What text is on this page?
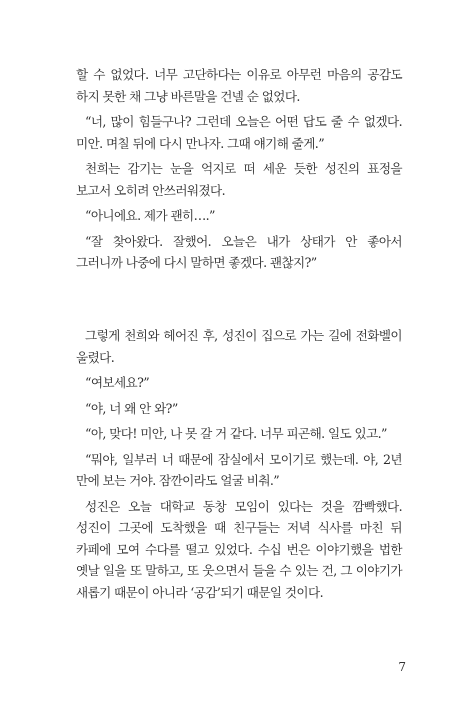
할 수 없었다. 너무 고단하다는 이유로 아무런 마음의 공감도 하지 못한 채 그냥 바른말을 건넬 순 없었다.

“너, 많이 힘들구나? 그런데 오늘은 어떤 답도 줄 수 없겠다. 미안. 며칠 뒤에 다시 만나자. 그때 얘기해 줄게.”

천희는 감기는 눈을 억지로 떠 세운 듯한 성진의 표정을 보고서 오히려 안쓰러워졌다.

“아니에요. 제가 괜히….”

“잘 찾아왔다. 잘했어. 오늘은 내가 상태가 안 좋아서 그러니까 나중에 다시 말하면 좋겠다. 괜찮지?”

그렇게 천희와 헤어진 후, 성진이 집으로 가는 길에 전화벨이 울렸다.

“여보세요?”

“야, 너 왜 안 와?”

“아, 맞다! 미안, 나 못 갈 거 같다. 너무 피곤해. 일도 있고.”

“뭐야, 일부러 너 때문에 잠실에서 모이기로 했는데. 야, 2년 만에 보는 거야. 잠깐이라도 얼굴 비춰.”

성진은 오늘 대학교 동창 모임이 있다는 것을 깜빡했다. 성진이 그곳에 도착했을 때 친구들는 저녁 식사를 마친 뒤 카페에 모여 수다를 떨고 있었다. 수십 번은 이야기했을 법한 옛날 일을 또 말하고, 또 웃으면서 들을 수 있는 건, 그 이야기가 새롭기 때문이 아니라 ‘공감’되기 때문일 것이다.

7
